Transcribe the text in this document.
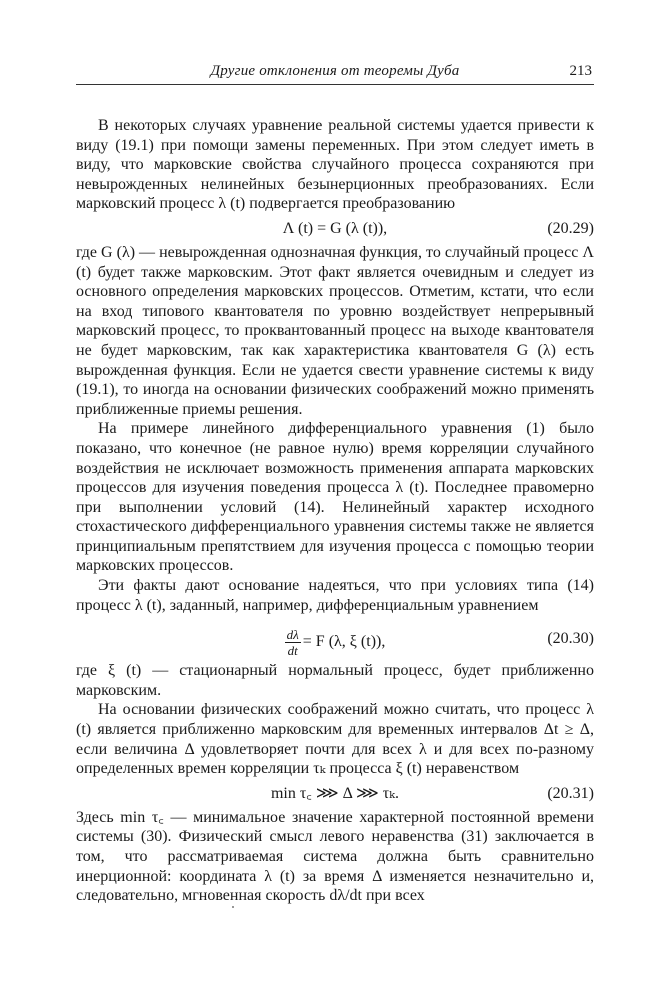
Другие отклонения от теоремы Дуба	213

В некоторых случаях уравнение реальной системы удается привести к виду (19.1) при помощи замены переменных. При этом следует иметь в виду, что марковские свойства случайного процесса сохраняются при невырожденных нелинейных безынерционных преобразованиях. Если марковский процесс λ (t) подвергается преобразованию

Λ (t) = G (λ (t)),	(20.29)

где G (λ) — невырожденная однозначная функция, то случайный процесс Λ (t) будет также марковским. Этот факт является очевидным и следует из основного определения марковских процессов. Отметим, кстати, что если на вход типового квантователя по уровню воздействует непрерывный марковский процесс, то проквантованный процесс на выходе квантователя не будет марковским, так как характеристика квантователя G (λ) есть вырожденная функция. Если не удается свести уравнение системы к виду (19.1), то иногда на основании физических соображений можно применять приближенные приемы решения.

На примере линейного дифференциального уравнения (1) было показано, что конечное (не равное нулю) время корреляции случайного воздействия не исключает возможность применения аппарата марковских процессов для изучения поведения процесса λ (t). Последнее правомерно при выполнении условий (14). Нелинейный характер исходного стохастического дифференциального уравнения системы также не является принципиальным препятствием для изучения процесса с помощью теории марковских процессов.

Эти факты дают основание надеяться, что при условиях типа (14) процесс λ (t), заданный, например, дифференциальным уравнением

$\frac{d\lambda}{dt} = F$ (λ, ξ (t)),	(20.30)

где ξ (t) — стационарный нормальный процесс, будет приближенно марковским.

На основании физических соображений можно считать, что процесс λ (t) является приближенно марковским для временных интервалов Δt ≥ Δ, если величина Δ удовлетворяет почти для всех λ и для всех по-разному определенных времен корреляции τₖ процесса ξ (t) неравенством

min τ꜀ ⋙ Δ ⋙ τₖ.	(20.31)

Здесь min τ꜀ — минимальное значение характерной постоянной времени системы (30). Физический смысл левого неравенства (31) заключается в том, что рассматриваемая система должна быть сравнительно инерционной: координата λ (t) за время Δ изменяется незначительно и, следовательно, мгновенная скорость dλ/dt при всех
